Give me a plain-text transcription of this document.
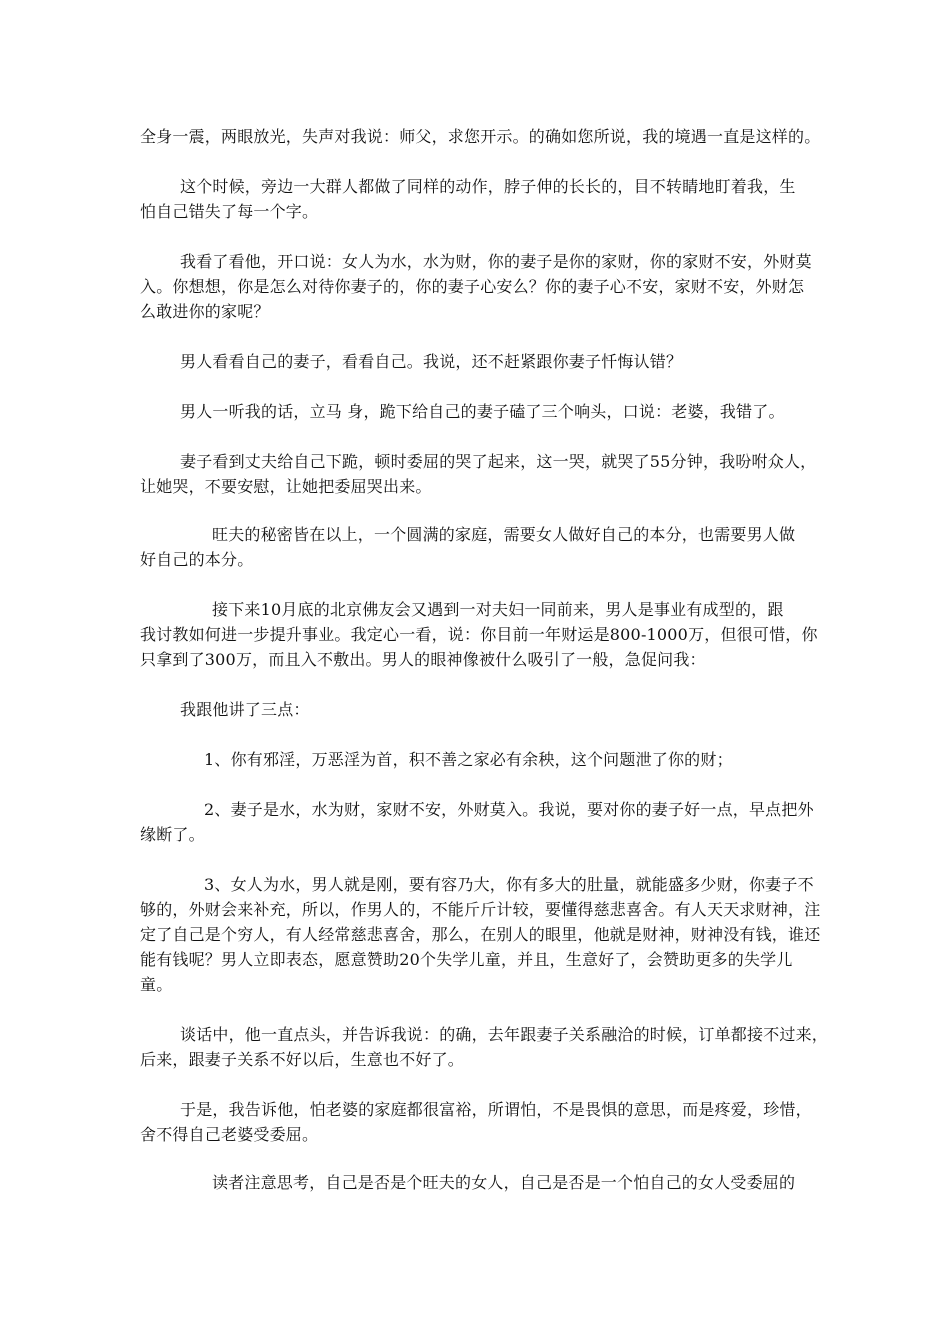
全身一震，两眼放光，失声对我说：师父，求您开示。的确如您所说，我的境遇一直是这样的。

这个时候，旁边一大群人都做了同样的动作，脖子伸的长长的，目不转睛地盯着我，生
怕自己错失了每一个字。

我看了看他，开口说：女人为水，水为财，你的妻子是你的家财，你的家财不安，外财莫
入。你想想，你是怎么对待你妻子的，你的妻子心安么？你的妻子心不安，家财不安，外财怎
么敢进你的家呢？

男人看看自己的妻子，看看自己。我说，还不赶紧跟你妻子忏悔认错？

男人一听我的话，立马 身，跪下给自己的妻子磕了三个响头，口说：老婆，我错了。

妻子看到丈夫给自己下跪，顿时委屈的哭了起来，这一哭，就哭了55分钟，我吩咐众人，
让她哭，不要安慰，让她把委屈哭出来。

旺夫的秘密皆在以上，一个圆满的家庭，需要女人做好自己的本分，也需要男人做
好自己的本分。

接下来10月底的北京佛友会又遇到一对夫妇一同前来，男人是事业有成型的，跟
我讨教如何进一步提升事业。我定心一看，说：你目前一年财运是800-1000万，但很可惜，你
只拿到了300万，而且入不敷出。男人的眼神像被什么吸引了一般，急促问我：

我跟他讲了三点：

1、你有邪淫，万恶淫为首，积不善之家必有余秧，这个问题泄了你的财；

2、妻子是水，水为财，家财不安，外财莫入。我说，要对你的妻子好一点，早点把外
缘断了。

3、女人为水，男人就是刚，要有容乃大，你有多大的肚量，就能盛多少财，你妻子不
够的，外财会来补充，所以，作男人的，不能斤斤计较，要懂得慈悲喜舍。有人天天求财神，注
定了自己是个穷人，有人经常慈悲喜舍，那么，在别人的眼里，他就是财神，财神没有钱，谁还
能有钱呢？男人立即表态，愿意赞助20个失学儿童，并且，生意好了，会赞助更多的失学儿
童。

谈话中，他一直点头，并告诉我说：的确，去年跟妻子关系融洽的时候，订单都接不过来，
后来，跟妻子关系不好以后，生意也不好了。

于是，我告诉他，怕老婆的家庭都很富裕，所谓怕，不是畏惧的意思，而是疼爱，珍惜，
舍不得自己老婆受委屈。

读者注意思考，自己是否是个旺夫的女人，自己是否是一个怕自己的女人受委屈的
